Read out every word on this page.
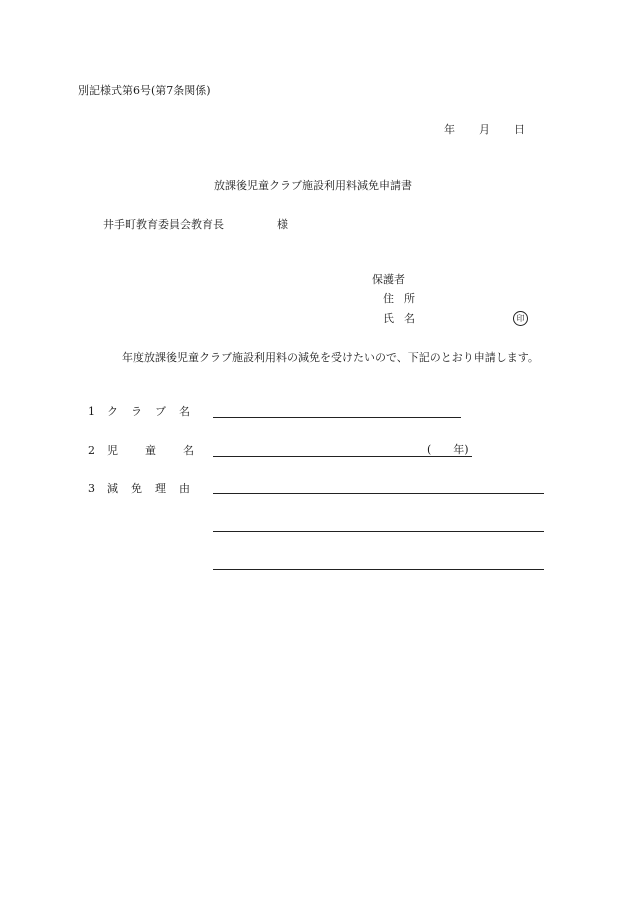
別記様式第6号(第7条関係)
年 月 日
放課後児童クラブ施設利用料減免申請書
井手町教育委員会教育長	様
保護者
住所
氏名	印
年度放課後児童クラブ施設利用料の減免を受けたいので、下記のとおり申請します。
1 クラブ名
2 児童名
3 減免理由
( 年)
